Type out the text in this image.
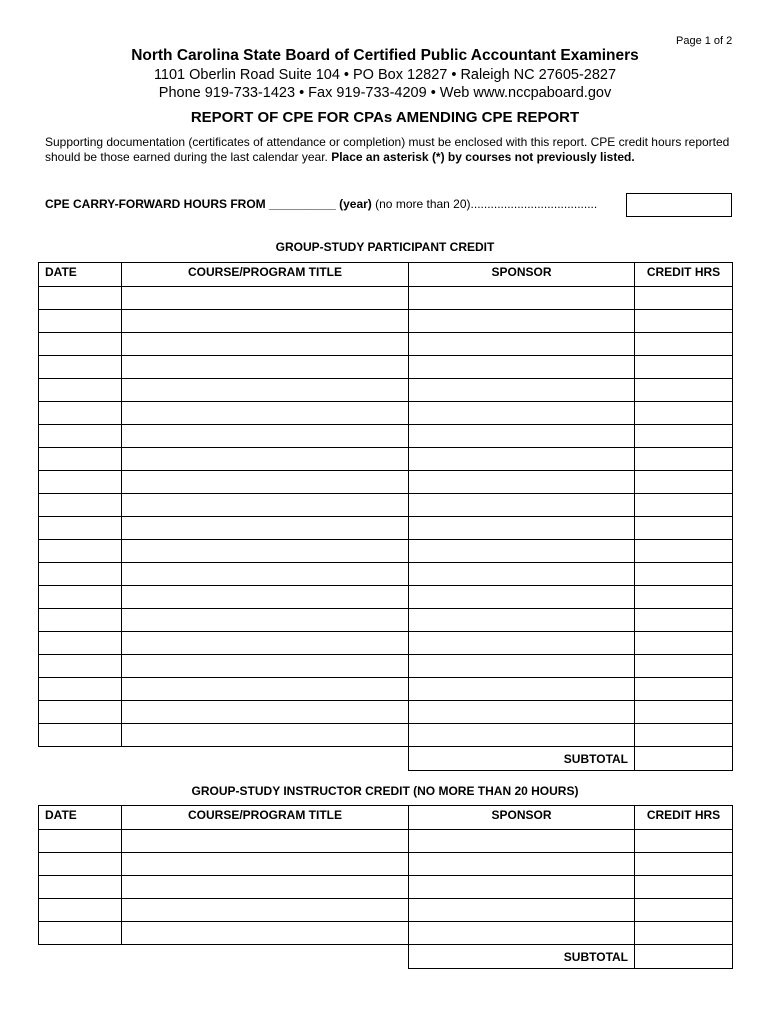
Page 1 of 2
North Carolina State Board of Certified Public Accountant Examiners
1101 Oberlin Road Suite 104 • PO Box 12827 • Raleigh NC 27605-2827
Phone 919-733-1423 • Fax 919-733-4209 • Web www.nccpaboard.gov
REPORT OF CPE FOR CPAs AMENDING CPE REPORT
Supporting documentation (certificates of attendance or completion) must be enclosed with this report. CPE credit hours reported should be those earned during the last calendar year. Place an asterisk (*) by courses not previously listed.
CPE CARRY-FORWARD HOURS FROM __________ (year) (no more than 20)......................................
GROUP-STUDY PARTICIPANT CREDIT
DATE	COURSE/PROGRAM TITLE	SPONSOR	CREDIT HRS

		SUBTOTAL	
GROUP-STUDY INSTRUCTOR CREDIT (NO MORE THAN 20 HOURS)
DATE	COURSE/PROGRAM TITLE	SPONSOR	CREDIT HRS

		SUBTOTAL	
